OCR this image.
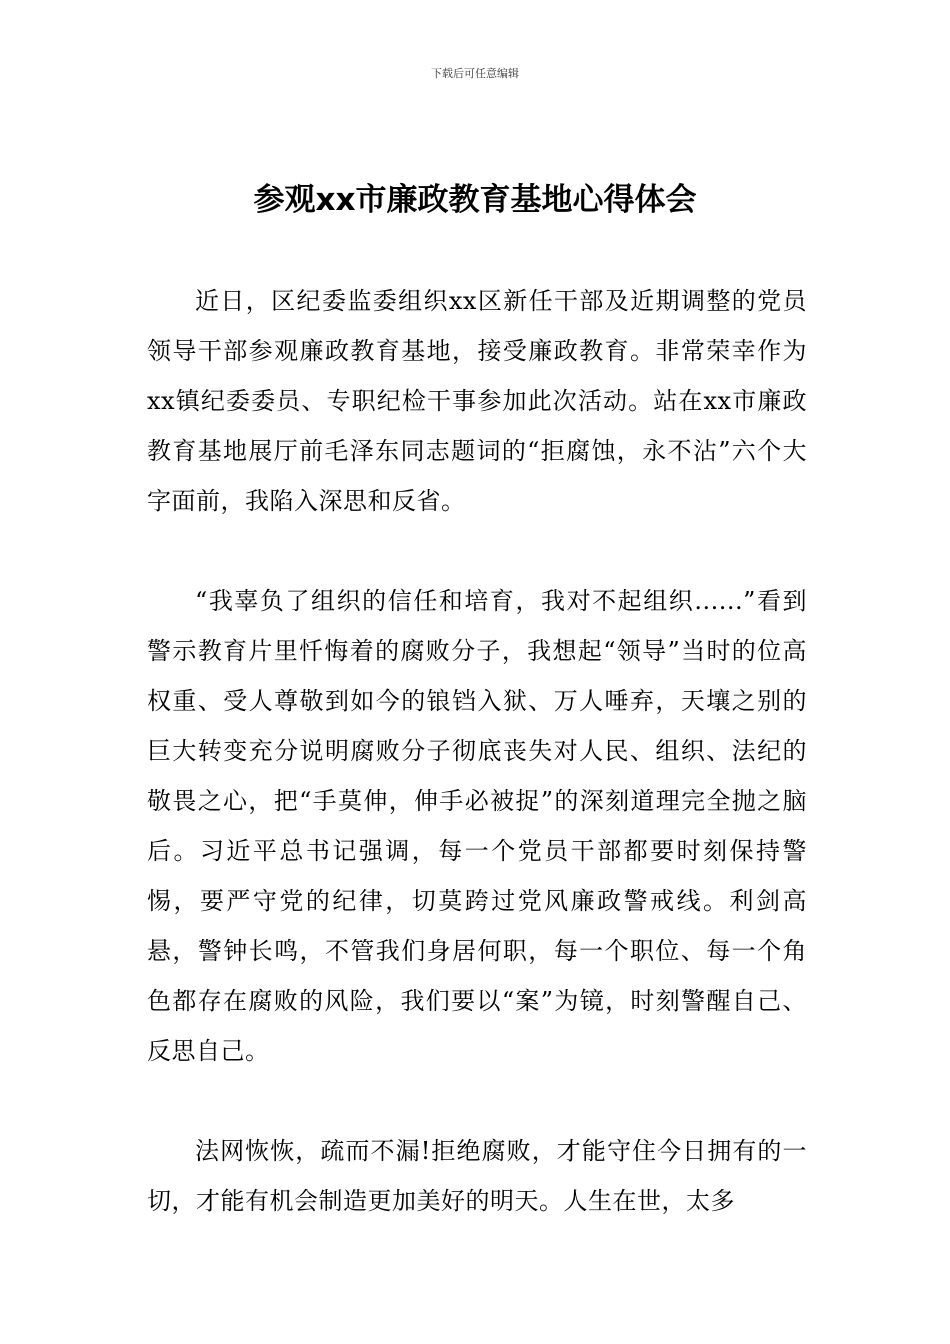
下载后可任意编辑
参观xx市廉政教育基地心得体会

近日，区纪委监委组织xx区新任干部及近期调整的党员领导干部参观廉政教育基地，接受廉政教育。非常荣幸作为xx镇纪委委员、专职纪检干事参加此次活动。站在xx市廉政教育基地展厅前毛泽东同志题词的“拒腐蚀，永不沾”六个大字面前，我陷入深思和反省。

“我辜负了组织的信任和培育，我对不起组织......”看到警示教育片里忏悔着的腐败分子，我想起“领导”当时的位高权重、受人尊敬到如今的锒铛入狱、万人唾弃，天壤之别的巨大转变充分说明腐败分子彻底丧失对人民、组织、法纪的敬畏之心，把“手莫伸，伸手必被捉”的深刻道理完全抛之脑后。习近平总书记强调，每一个党员干部都要时刻保持警惕，要严守党的纪律，切莫跨过党风廉政警戒线。利剑高悬，警钟长鸣，不管我们身居何职，每一个职位、每一个角色都存在腐败的风险，我们要以“案”为镜，时刻警醒自己、反思自己。

法网恢恢，疏而不漏!拒绝腐败，才能守住今日拥有的一切，才能有机会制造更加美好的明天。人生在世，太多
